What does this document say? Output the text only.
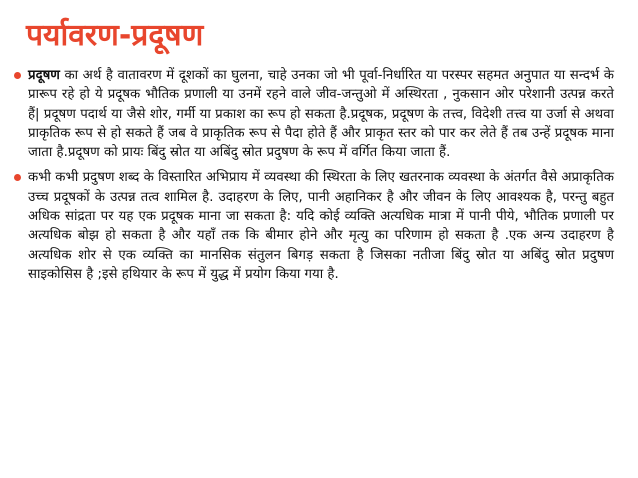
पर्यावरण-प्रदूषण
प्रदूषण का अर्थ है वातावरण में दूशकों का घुलना, चाहे उनका जो भी पूर्वा-निर्धारित या परस्पर सहमत अनुपात या सन्दर्भ के प्रारूप रहे हो ये प्रदूषक भौतिक प्रणाली या उनमें रहने वाले जीव-जन्तुओ में अस्थिरता , नुकसान ओर परेशानी उत्पन्न करते हैं| प्रदूषण पदार्थ या जैसे शोर, गर्मी या प्रकाश का रूप हो सकता है.प्रदूषक, प्रदूषण के तत्त्व, विदेशी तत्त्व या उर्जा से अथवा प्राकृतिक रूप से हो सकते हैं जब वे प्राकृतिक रूप से पैदा होते हैं और प्राकृत स्तर को पार कर लेते हैं तब उन्हें प्रदूषक माना जाता है.प्रदूषण को प्रायः बिंदु स्रोत या अबिंदु स्रोत प्रदुषण के रूप में वर्गित किया जाता हैं.
कभी कभी प्रदुषण शब्द के विस्तारित अभिप्राय में व्यवस्था की स्थिरता के लिए खतरनाक व्यवस्था के अंतर्गत वैसे अप्राकृतिक उच्च प्रदूषकों के उत्पन्न तत्व शामिल है. उदाहरण के लिए, पानी अहानिकर है और जीवन के लिए आवश्यक है, परन्तु बहुत अधिक सांद्रता पर यह एक प्रदूषक माना जा सकता है: यदि कोई व्यक्ति अत्यधिक मात्रा में पानी पीये, भौतिक प्रणाली पर अत्यधिक बोझ हो सकता है और यहाँ तक कि बीमार होने और मृत्यु का परिणाम हो सकता है .एक अन्य उदाहरण है अत्यधिक शोर से एक व्यक्ति का मानसिक संतुलन बिगड़ सकता है जिसका नतीजा बिंदु स्रोत या अबिंदु स्रोत प्रदुषण साइकोसिस है ;इसे हथियार के रूप में युद्ध में प्रयोग किया गया है.
